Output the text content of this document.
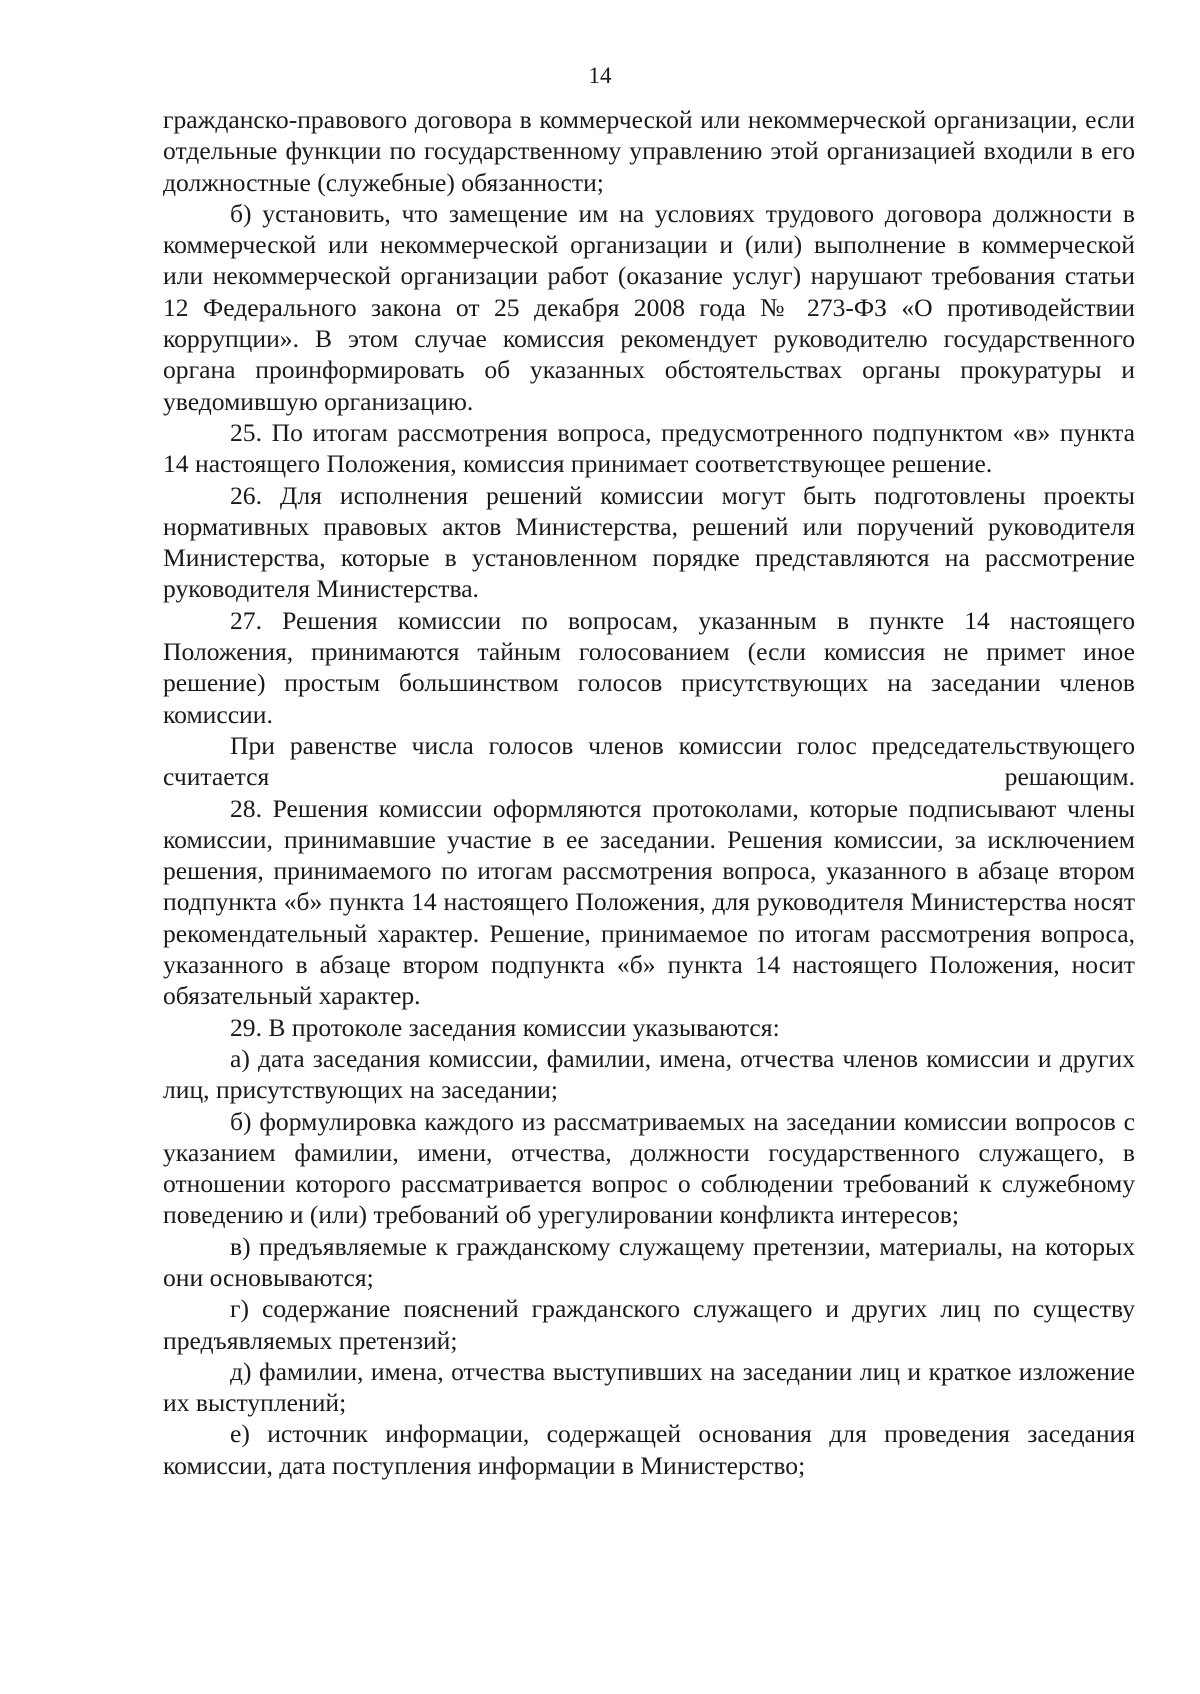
14

гражданско-правового договора в коммерческой или некоммерческой организации, если отдельные функции по государственному управлению этой организацией входили в его должностные (служебные) обязанности;

б) установить, что замещение им на условиях трудового договора должности в коммерческой или некоммерческой организации и (или) выполнение в коммерческой или некоммерческой организации работ (оказание услуг) нарушают требования статьи 12 Федерального закона от 25 декабря 2008 года № 273-ФЗ «О противодействии коррупции». В этом случае комиссия рекомендует руководителю государственного органа проинформировать об указанных обстоятельствах органы прокуратуры и уведомившую организацию.

25. По итогам рассмотрения вопроса, предусмотренного подпунктом «в» пункта 14 настоящего Положения, комиссия принимает соответствующее решение.

26. Для исполнения решений комиссии могут быть подготовлены проекты нормативных правовых актов Министерства, решений или поручений руководителя Министерства, которые в установленном порядке представляются на рассмотрение руководителя Министерства.

27. Решения комиссии по вопросам, указанным в пункте 14 настоящего Положения, принимаются тайным голосованием (если комиссия не примет иное решение) простым большинством голосов присутствующих на заседании членов комиссии.

При равенстве числа голосов членов комиссии голос председательствующего считается решающим.

28. Решения комиссии оформляются протоколами, которые подписывают члены комиссии, принимавшие участие в ее заседании. Решения комиссии, за исключением решения, принимаемого по итогам рассмотрения вопроса, указанного в абзаце втором подпункта «б» пункта 14 настоящего Положения, для руководителя Министерства носят рекомендательный характер. Решение, принимаемое по итогам рассмотрения вопроса, указанного в абзаце втором подпункта «б» пункта 14 настоящего Положения, носит обязательный характер.

29. В протоколе заседания комиссии указываются:

а) дата заседания комиссии, фамилии, имена, отчества членов комиссии и других лиц, присутствующих на заседании;

б) формулировка каждого из рассматриваемых на заседании комиссии вопросов с указанием фамилии, имени, отчества, должности государственного служащего, в отношении которого рассматривается вопрос о соблюдении требований к служебному поведению и (или) требований об урегулировании конфликта интересов;

в) предъявляемые к гражданскому служащему претензии, материалы, на которых они основываются;

г) содержание пояснений гражданского служащего и других лиц по существу предъявляемых претензий;

д) фамилии, имена, отчества выступивших на заседании лиц и краткое изложение их выступлений;

е) источник информации, содержащей основания для проведения заседания комиссии, дата поступления информации в Министерство;
